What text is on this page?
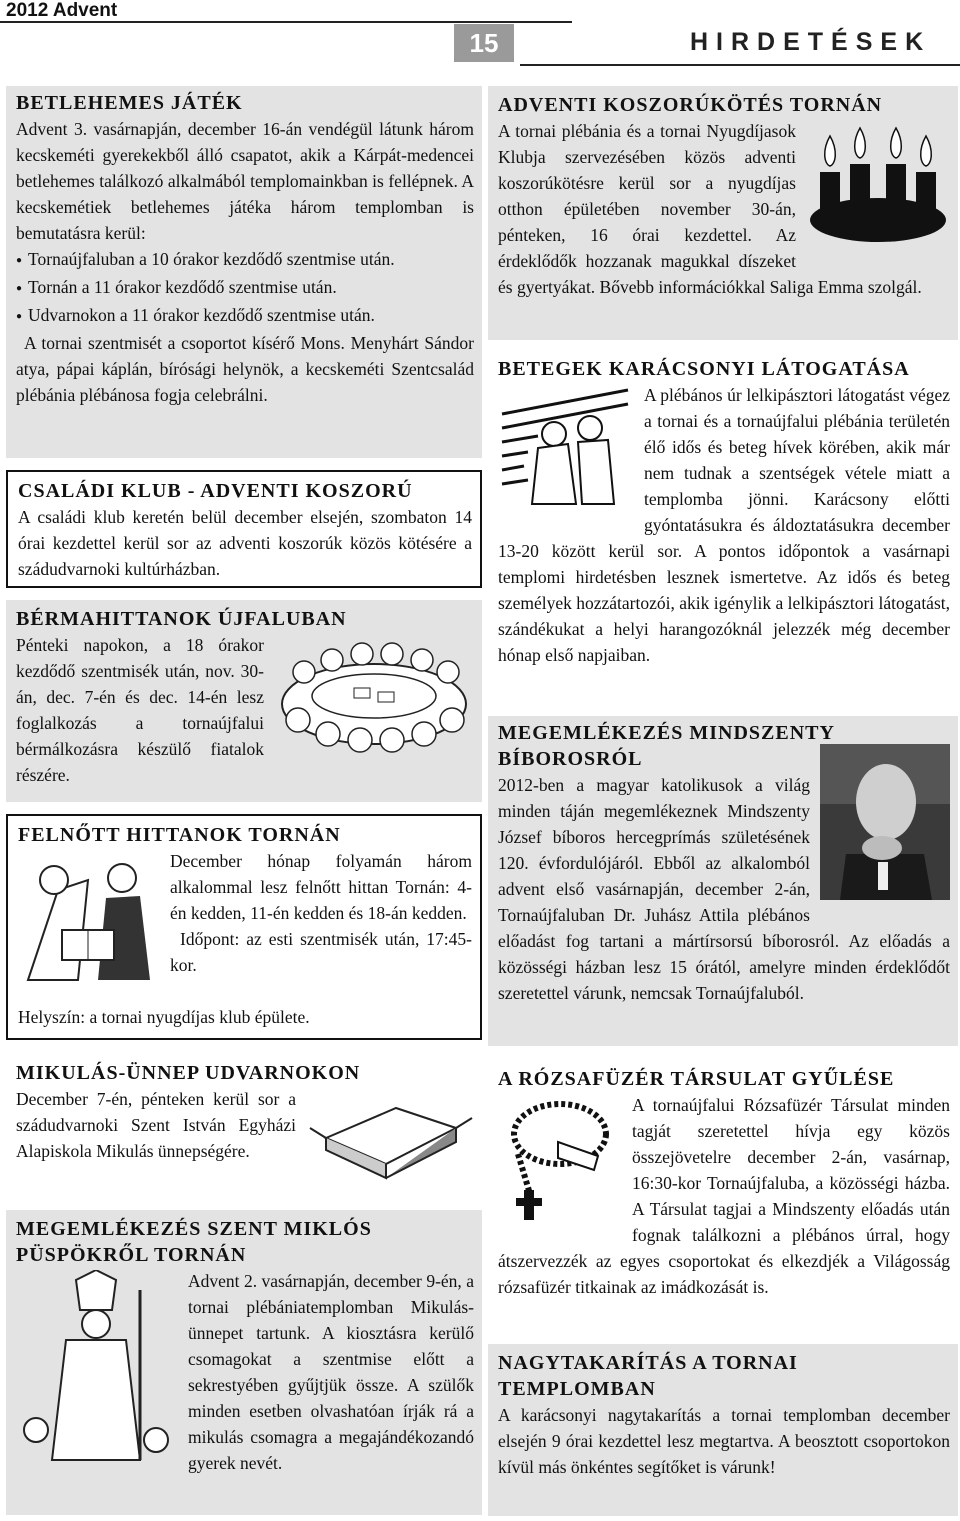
2012 Advent
15	HIRDETÉSEK
BETLEHEMES JÁTÉK
Advent 3. vasárnapján, december 16-án vendégül látunk három kecskeméti gyerekekből álló csapatot, akik a Kárpát-medencei betlehemes találkozó alkalmából templomainkban is fellépnek. A kecskemétiek betlehemes játéka három templomban is bemutatásra kerül:
● Tornaújfaluban a 10 órakor kezdődő szentmise után.
● Tornán a 11 órakor kezdődő szentmise után.
● Udvarnokon a 11 órakor kezdődő szentmise után.
A tornai szentmisét a csoportot kísérő Mons. Menyhárt Sándor atya, pápai káplán, bírósági helynök, a kecskeméti Szentcsalád plébánia plébánosa fogja celebrálni.
CSALÁDI KLUB - ADVENTI KOSZORÚ
A családi klub keretén belül december elsején, szombaton 14 órai kezdettel kerül sor az adventi koszorúk közös kötésére a szádudvarnoki kultúrházban.
BÉRMAHITTANOK ÚJFALUBAN
Pénteki napokon, a 18 órakor kezdődő szentmisék után, nov. 30-án, dec. 7-én és dec. 14-én lesz foglalkozás a tornaújfalui bérmálkozásra készülő fiatalok részére.
FELNŐTT HITTANOK TORNÁN
December hónap folyamán három alkalommal lesz felnőtt hittan Tornán: 4-én kedden, 11-én kedden és 18-án kedden.
Időpont: az esti szentmisék után, 17:45-kor.
Helyszín: a tornai nyugdíjas klub épülete.
MIKULÁS-ÜNNEP UDVARNOKON
December 7-én, pénteken kerül sor a szádudvarnoki Szent István Egyházi Alapiskola Mikulás ünnepségére.
MEGEMLÉKEZÉS SZENT MIKLÓS PÜSPÖKRŐL TORNÁN
Advent 2. vasárnapján, december 9-én, a tornai plébániatemplomban Mikulás-ünnepet tartunk. A kiosztásra kerülő csomagokat a szentmise előtt a sekrestyében gyűjtjük össze. A szülők minden esetben olvashatóan írják rá a mikulás csomagra a megajándékozandó gyerek nevét.
ADVENTI KOSZORÚKÖTÉS TORNÁN
A tornai plébánia és a tornai Nyugdíjasok Klubja szervezésében közös adventi koszorúkötésre kerül sor a nyugdíjas otthon épületében november 30-án, pénteken, 16 órai kezdettel. Az érdeklődők hozzanak magukkal díszeket és gyertyákat. Bővebb információkkal Saliga Emma szolgál.
BETEGEK KARÁCSONYI LÁTOGATÁSA
A plébános úr lelkipásztori látogatást végez a tornai és a tornaújfalui plébánia területén élő idős és beteg hívek körében, akik már nem tudnak a szentségek vétele miatt a templomba jönni. Karácsony előtti gyóntatásukra és áldoztatásukra december 13-20 között kerül sor. A pontos időpontok a vasárnapi templomi hirdetésben lesznek ismertetve. Az idős és beteg személyek hozzátartozói, akik igénylik a lelkipásztori látogatást, szándékukat a helyi harangozóknál jelezzék még december hónap első napjaiban.
MEGEMLÉKEZÉS MINDSZENTY BÍBOROSRÓL
2012-ben a magyar katolikusok a világ minden táján megemlékeznek Mindszenty József bíboros hercegprímás születésének 120. évfordulójáról. Ebből az alkalomból advent első vasárnapján, december 2-án, Tornaújfaluban Dr. Juhász Attila plébános előadást fog tartani a mártírsorsú bíborosról. Az előadás a közösségi házban lesz 15 órától, amelyre minden érdeklődőt szeretettel várunk, nemcsak Tornaújfaluból.
A RÓZSAFÜZÉR TÁRSULAT GYŰLÉSE
A tornaújfalui Rózsafüzér Társulat minden tagját szeretettel hívja egy közös összejövetelre december 2-án, vasárnap, 16:30-kor Tornaújfaluba, a közösségi házba. A Társulat tagjai a Mindszenty előadás után fognak találkozni a plébános úrral, hogy átszervezzék az egyes csoportokat és elkezdjék a Világosság rózsafüzér titkainak az imádkozását is.
NAGYTAKARÍTÁS A TORNAI TEMPLOMBAN
A karácsonyi nagytakarítás a tornai templomban december elsején 9 órai kezdettel lesz megtartva. A beosztott csoportokon kívül más önkéntes segítőket is várunk!
